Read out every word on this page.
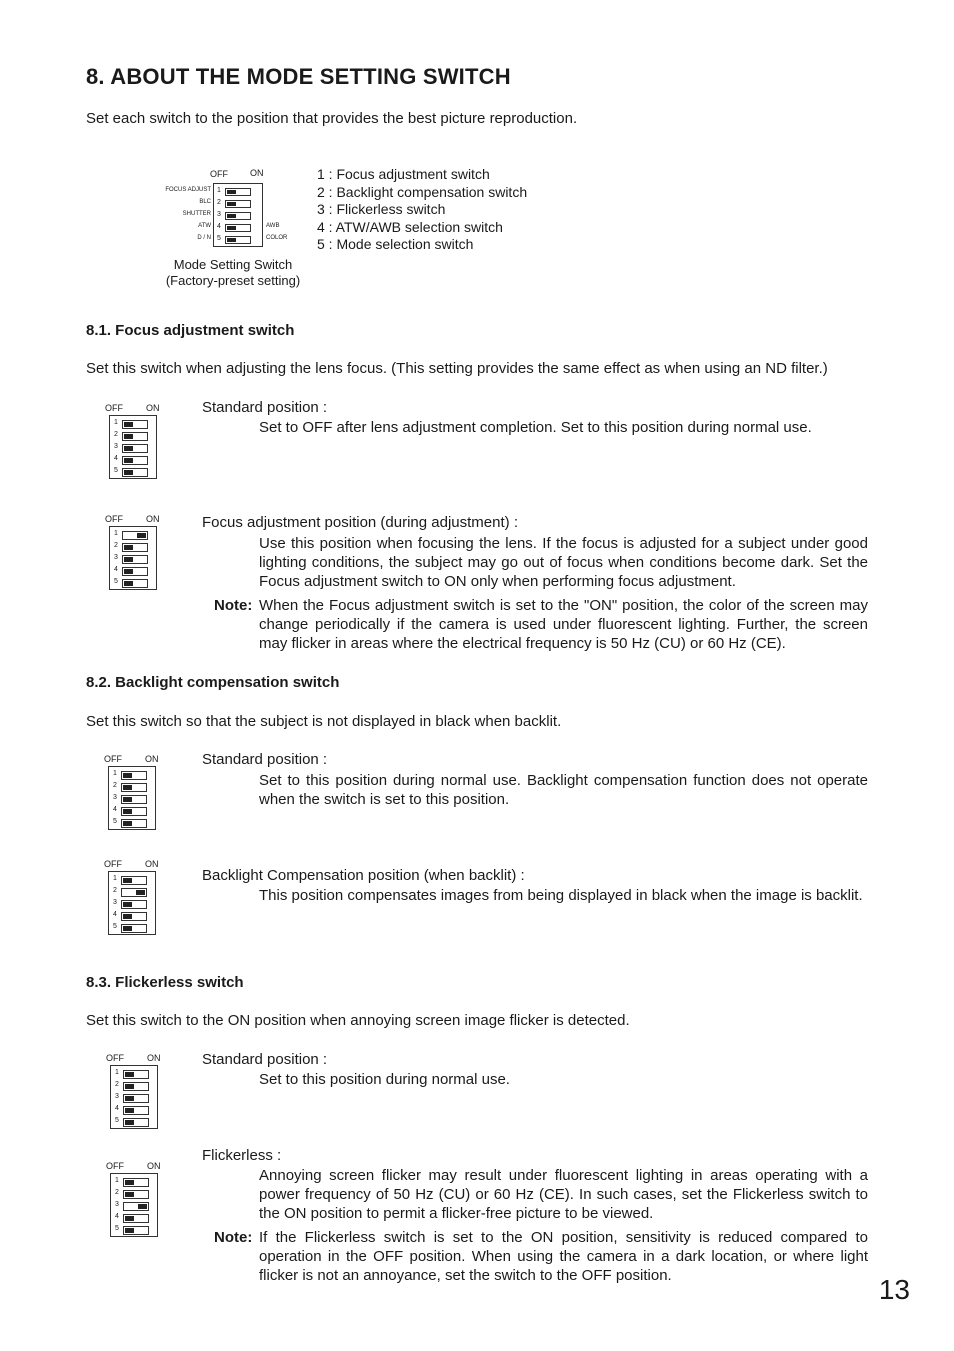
8. ABOUT THE MODE SETTING SWITCH

Set each switch to the position that provides the best picture reproduction.

OFF ON
1
2
3
4
5
FOCUS ADJUST
BLC
SHUTTER
ATW
D / N
AWB
COLOR
Mode Setting Switch
(Factory-preset setting)
1 : Focus adjustment switch
2 : Backlight compensation switch
3 : Flickerless switch
4 : ATW/AWB selection switch
5 : Mode selection switch
8.1. Focus adjustment switch

Set this switch when adjusting the lens focus. (This setting provides the same effect as when using an ND filter.)

OFF	ON
1
2
3
4
5
Standard position :

Set to OFF after lens adjustment completion. Set to this position during normal use.

OFF	ON
1
2
3
4
5
Focus adjustment position (during adjustment) :

Use this position when focusing the lens. If the focus is adjusted for a subject under good lighting conditions, the subject may go out of focus when conditions become dark. Set the Focus adjustment switch to ON only when performing focus adjustment.

Note: When the Focus adjustment switch is set to the "ON" position, the color of the screen may change periodically if the camera is used under fluorescent lighting. Further, the screen may flicker in areas where the electrical frequency is 50 Hz (CU) or 60 Hz (CE).
8.2. Backlight compensation switch

Set this switch so that the subject is not displayed in black when backlit.

OFF	ON
1
2
3
4
5
Standard position :

Set to this position during normal use. Backlight compensation function does not operate when the switch is set to this position.

OFF	ON
1
2
3
4
5
Backlight Compensation position (when backlit) :

This position compensates images from being displayed in black when the image is backlit.

8.3. Flickerless switch

Set this switch to the ON position when annoying screen image flicker is detected.

OFF	ON
1
2
3
4
5
Standard position :

Set to this position during normal use.

OFF	ON
1
2
3
4
5
Flickerless :

Annoying screen flicker may result under fluorescent lighting in areas operating with a power frequency of 50 Hz (CU) or 60 Hz (CE). In such cases, set the Flickerless switch to the ON position to permit a flicker-free picture to be viewed.

Note: If the Flickerless switch is set to the ON position, sensitivity is reduced compared to operation in the OFF position. When using the camera in a dark location, or where light flicker is not an annoyance, set the switch to the OFF position.	13
